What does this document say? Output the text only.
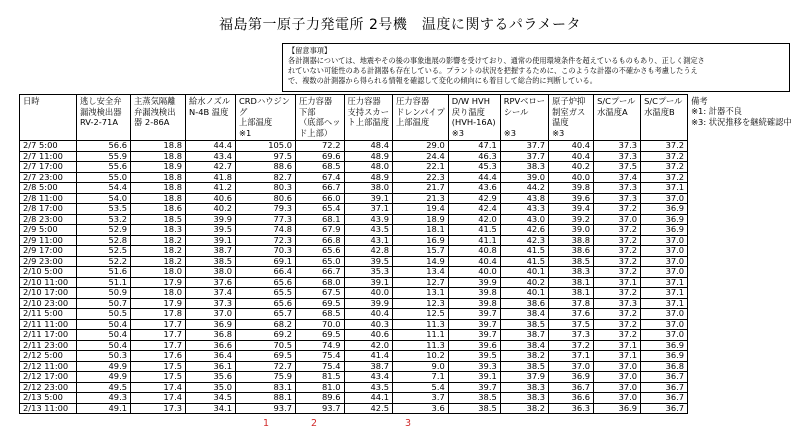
福島第一原子力発電所 2号機　温度に関するパラメータ
【留意事項】
各計測器については、地震やその後の事象進展の影響を受けており、通常の使用環境条件を超えているものもあり、正しく測定さ
れていない可能性のある計測器も存在している。プラントの状況を把握するために、このような計器の不確かさも考慮したうえ
で、複数の計測器から得られる情報を確認して変化の傾向にも着目して総合的に判断している。
日時	逃し安全弁
漏洩検出器
RV-2-71A	主蒸気隔離
弁漏洩検出
器 2-86A	給水ノズル
N-4B 温度	CRDハウジン
グ
上部温度
※1	圧力容器
下部
（底部ヘッ
ド上部）	圧力容器
支持スカー
ト上部温度	圧力容器
ドレンパイプ
上部温度	D/W HVH
戻り温度
(HVH-16A)
※3	RPVベロー
シール

※3	原子炉抑
制室ガス
温度
※3	S/Cプール
水温度A	S/Cプール
水温度B	備考
※1: 計器不良
※3: 状況推移を継続確認中

2/7 5:00	56.6	18.8	44.4	105.0	72.2	48.4	29.0	47.1	37.7	40.4	37.3	37.2	
2/7 11:00	55.9	18.8	43.4	97.5	69.6	48.9	24.4	46.3	37.7	40.4	37.3	37.2	
2/7 17:00	55.6	18.9	42.7	88.6	68.5	48.0	22.1	45.3	38.3	40.2	37.5	37.2	
2/7 23:00	55.0	18.8	41.8	82.7	67.4	48.9	22.3	44.4	39.0	40.0	37.4	37.2	
2/8 5:00	54.4	18.8	41.2	80.3	66.7	38.0	21.7	43.6	44.2	39.8	37.3	37.1	
2/8 11:00	54.0	18.8	40.6	80.6	66.0	39.1	21.3	42.9	43.8	39.6	37.3	37.0	
2/8 17:00	53.5	18.6	40.2	79.3	65.4	37.1	19.4	42.4	43.3	39.4	37.2	36.9	
2/8 23:00	53.2	18.5	39.9	77.3	68.1	43.9	18.9	42.0	43.0	39.2	37.0	36.9	
2/9 5:00	52.9	18.3	39.5	74.8	67.9	43.5	18.1	41.5	42.6	39.0	37.2	36.9	
2/9 11:00	52.8	18.2	39.1	72.3	66.8	43.1	16.9	41.1	42.3	38.8	37.2	37.0	
2/9 17:00	52.5	18.2	38.7	70.3	65.6	42.8	15.7	40.8	41.5	38.6	37.2	37.0	
2/9 23:00	52.2	18.2	38.5	69.1	65.0	39.5	14.9	40.4	41.5	38.5	37.2	37.0	
2/10 5:00	51.6	18.0	38.0	66.4	66.7	35.3	13.4	40.0	40.1	38.3	37.2	37.0	
2/10 11:00	51.1	17.9	37.6	65.6	68.0	39.1	12.7	39.9	40.2	38.1	37.1	37.1	
2/10 17:00	50.9	18.0	37.4	65.5	67.5	40.0	13.1	39.8	40.1	38.1	37.2	37.1	
2/10 23:00	50.7	17.9	37.3	65.6	69.5	39.9	12.3	39.8	38.6	37.8	37.3	37.1	
2/11 5:00	50.5	17.8	37.0	65.7	68.5	40.4	12.5	39.7	38.4	37.6	37.2	37.0	
2/11 11:00	50.4	17.7	36.9	68.2	70.0	40.3	11.3	39.7	38.5	37.5	37.2	37.0	
2/11 17:00	50.4	17.7	36.8	69.2	69.5	40.6	11.1	39.7	38.7	37.3	37.2	37.0	
2/11 23:00	50.4	17.7	36.6	70.5	74.9	42.0	11.3	39.6	38.4	37.2	37.1	36.9	
2/12 5:00	50.3	17.6	36.4	69.5	75.4	41.4	10.2	39.5	38.2	37.1	37.1	36.9	
2/12 11:00	49.9	17.5	36.1	72.7	75.4	38.7	9.0	39.3	38.5	37.0	37.0	36.8	
2/12 17:00	49.9	17.5	35.6	75.9	81.5	43.4	7.1	39.1	37.9	36.9	37.0	36.7	
2/12 23:00	49.5	17.4	35.0	83.1	81.0	43.5	5.4	39.7	38.3	36.7	37.0	36.7	
2/13 5:00	49.3	17.4	34.5	88.1	89.6	44.1	3.7	38.5	38.3	36.6	37.0	36.7	
2/13 11:00	49.1	17.3	34.1	93.7	93.7	42.5	3.6	38.5	38.2	36.3	36.9	36.7	
1	2	3
